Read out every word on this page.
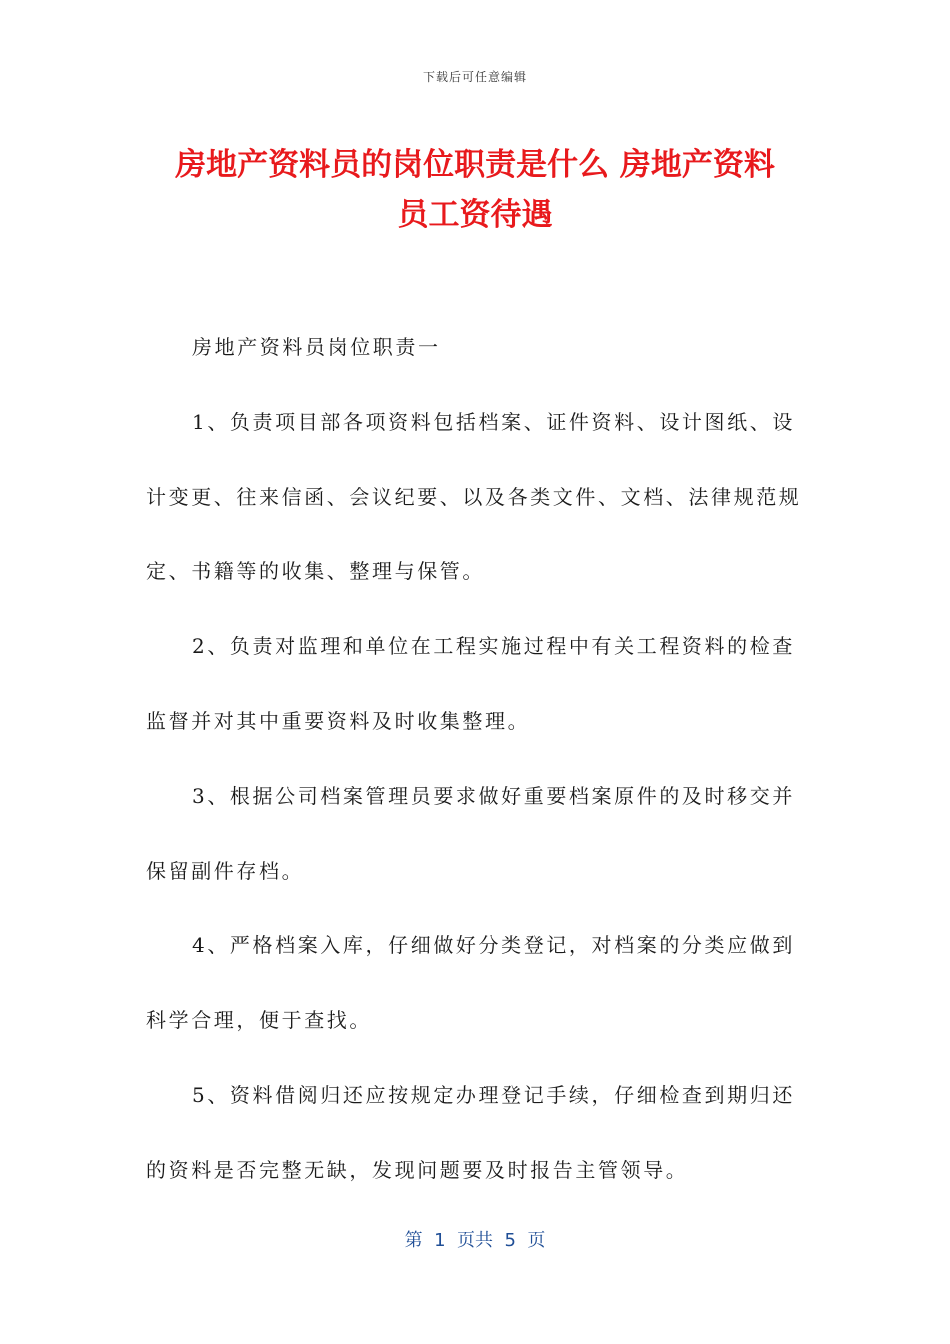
下载后可任意编辑
房地产资料员的岗位职责是什么 房地产资料
员工资待遇

房地产资料员岗位职责一

1、负责项目部各项资料包括档案、证件资料、设计图纸、设计变更、往来信函、会议纪要、以及各类文件、文档、法律规范规定、书籍等的收集、整理与保管。

2、负责对监理和单位在工程实施过程中有关工程资料的检查监督并对其中重要资料及时收集整理。

3、根据公司档案管理员要求做好重要档案原件的及时移交并保留副件存档。

4、严格档案入库，仔细做好分类登记，对档案的分类应做到科学合理，便于查找。

5、资料借阅归还应按规定办理登记手续，仔细检查到期归还的资料是否完整无缺，发现问题要及时报告主管领导。

第  1  页共  5  页
